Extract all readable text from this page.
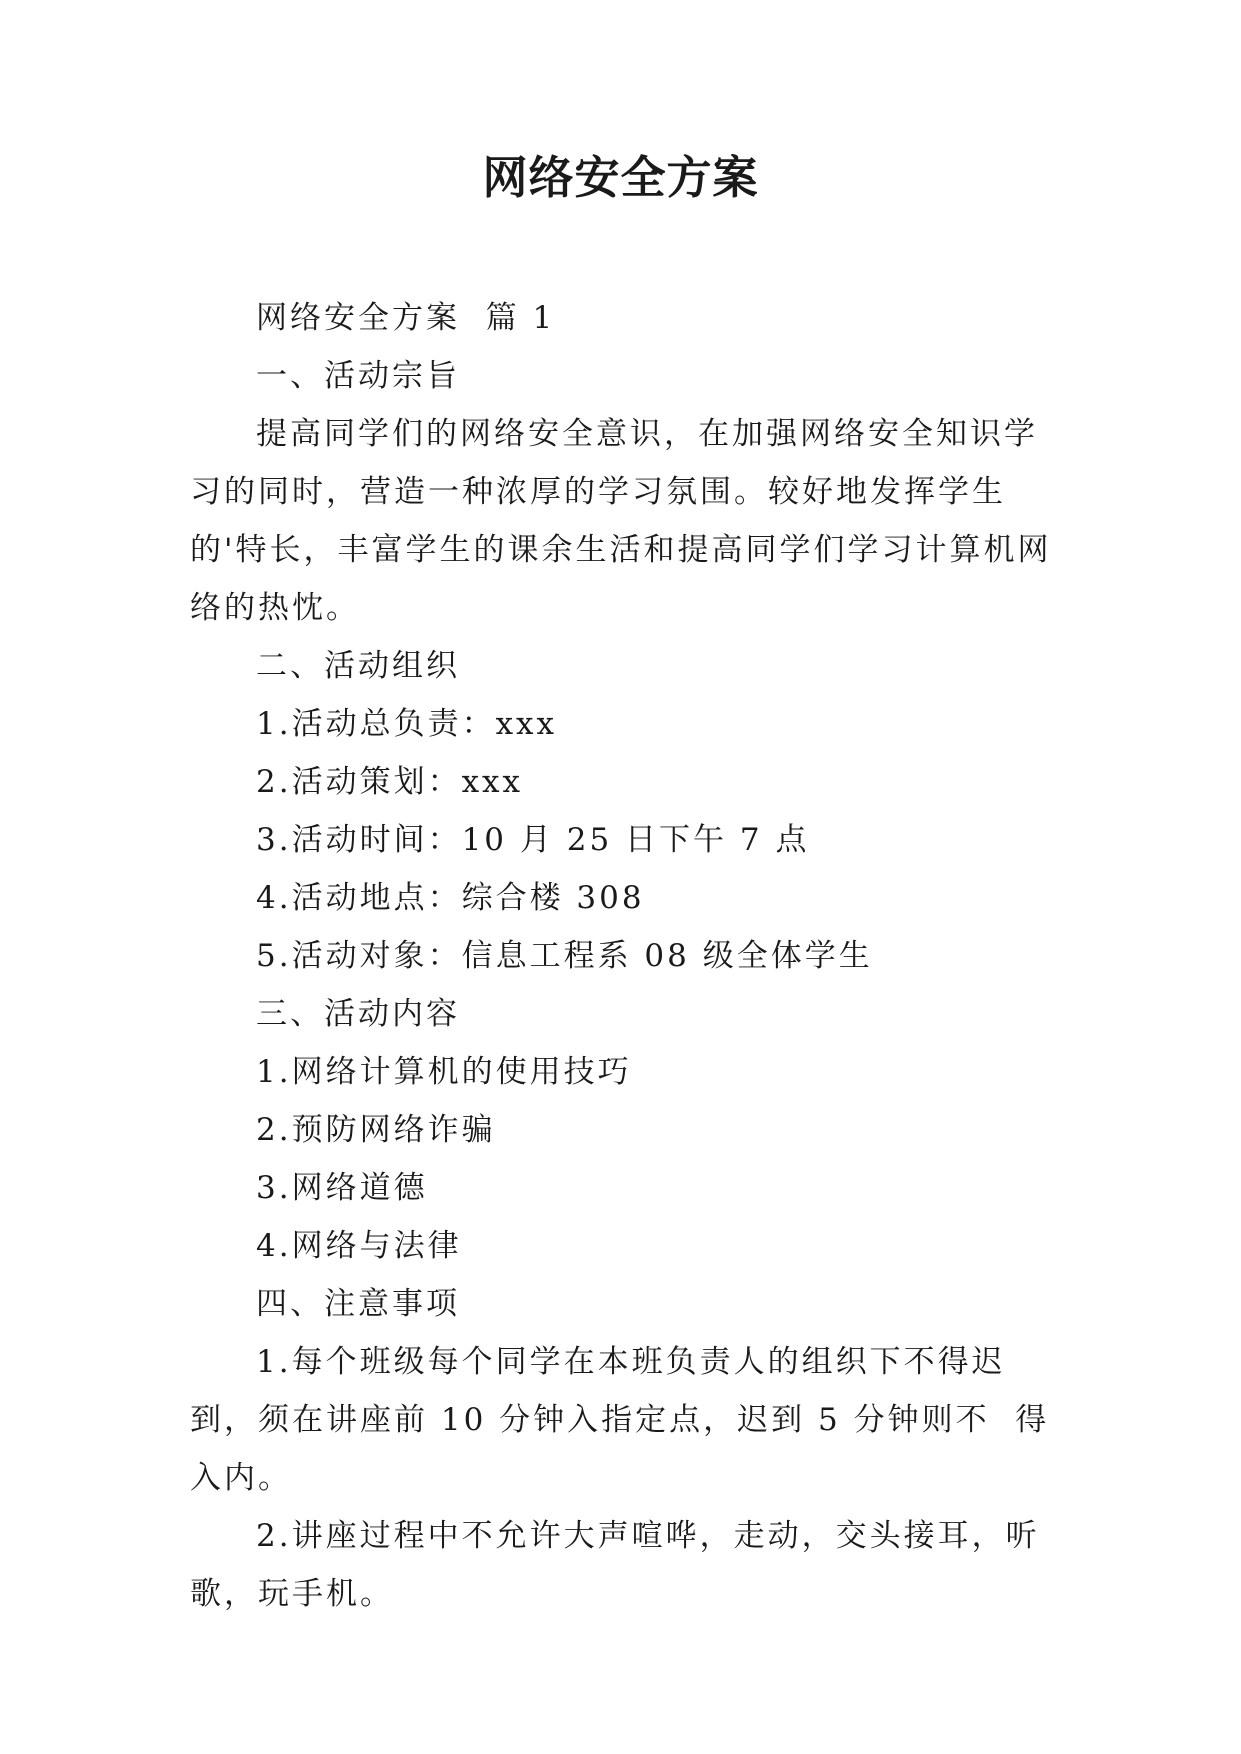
网络安全方案

网络安全方案  篇 1

一、活动宗旨

提高同学们的网络安全意识，在加强网络安全知识学习的同时，营造一种浓厚的学习氛围。较好地发挥学生的'特长，丰富学生的课余生活和提高同学们学习计算机网络的热忱。

二、活动组织

1.活动总负责：xxx

2.活动策划：xxx

3.活动时间：10 月 25 日下午 7 点

4.活动地点：综合楼 308

5.活动对象：信息工程系 08 级全体学生

三、活动内容

1.网络计算机的使用技巧

2.预防网络诈骗

3.网络道德

4.网络与法律

四、注意事项

1.每个班级每个同学在本班负责人的组织下不得迟到，须在讲座前 10 分钟入指定点，迟到 5 分钟则不  得入内。

2.讲座过程中不允许大声喧哗，走动，交头接耳，听歌，玩手机。
